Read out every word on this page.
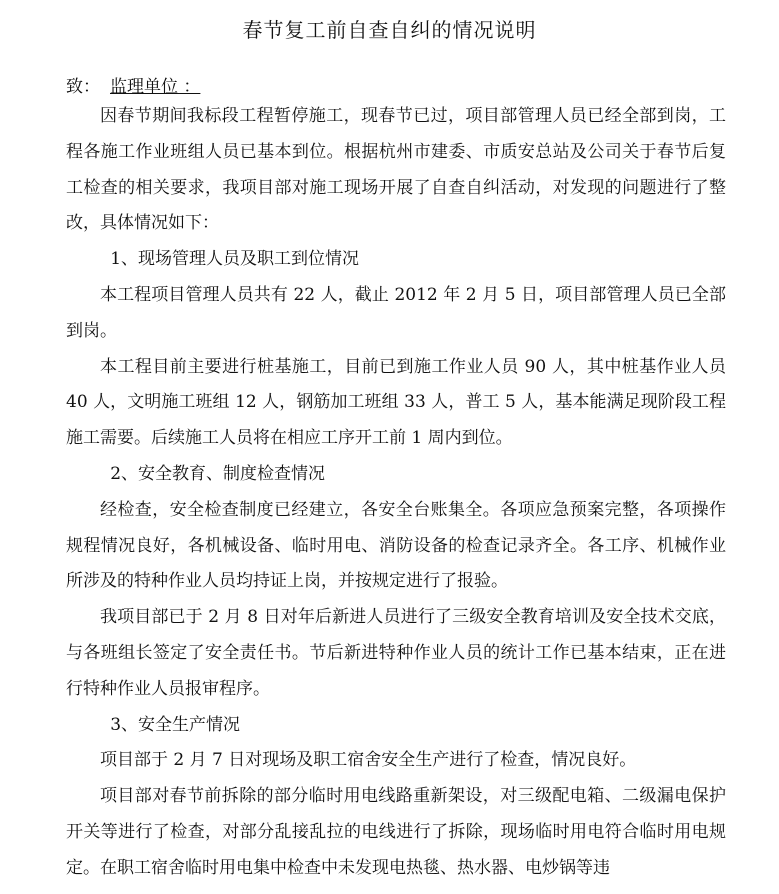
春节复工前自查自纠的情况说明
致： 监理单位 ：

因春节期间我标段工程暂停施工，现春节已过，项目部管理人员已经全部到岗，工程各施工作业班组人员已基本到位。根据杭州市建委、市质安总站及公司关于春节后复工检查的相关要求，我项目部对施工现场开展了自查自纠活动，对发现的问题进行了整改，具体情况如下：

1、现场管理人员及职工到位情况

本工程项目管理人员共有 22 人，截止 2012 年 2 月 5 日，项目部管理人员已全部到岗。

本工程目前主要进行桩基施工，目前已到施工作业人员 90 人，其中桩基作业人员 40 人，文明施工班组 12 人，钢筋加工班组 33 人，普工 5 人，基本能满足现阶段工程施工需要。后续施工人员将在相应工序开工前 1 周内到位。

2、安全教育、制度检查情况

经检查，安全检查制度已经建立，各安全台账集全。各项应急预案完整，各项操作规程情况良好，各机械设备、临时用电、消防设备的检查记录齐全。各工序、机械作业所涉及的特种作业人员均持证上岗，并按规定进行了报验。

我项目部已于 2 月 8 日对年后新进人员进行了三级安全教育培训及安全技术交底，与各班组长签定了安全责任书。节后新进特种作业人员的统计工作已基本结束，正在进行特种作业人员报审程序。

3、安全生产情况

项目部于 2 月 7 日对现场及职工宿舍安全生产进行了检查，情况良好。

项目部对春节前拆除的部分临时用电线路重新架设，对三级配电箱、二级漏电保护开关等进行了检查，对部分乱接乱拉的电线进行了拆除，现场临时用电符合临时用电规定。在职工宿舍临时用电集中检查中未发现电热毯、热水器、电炒锅等违
